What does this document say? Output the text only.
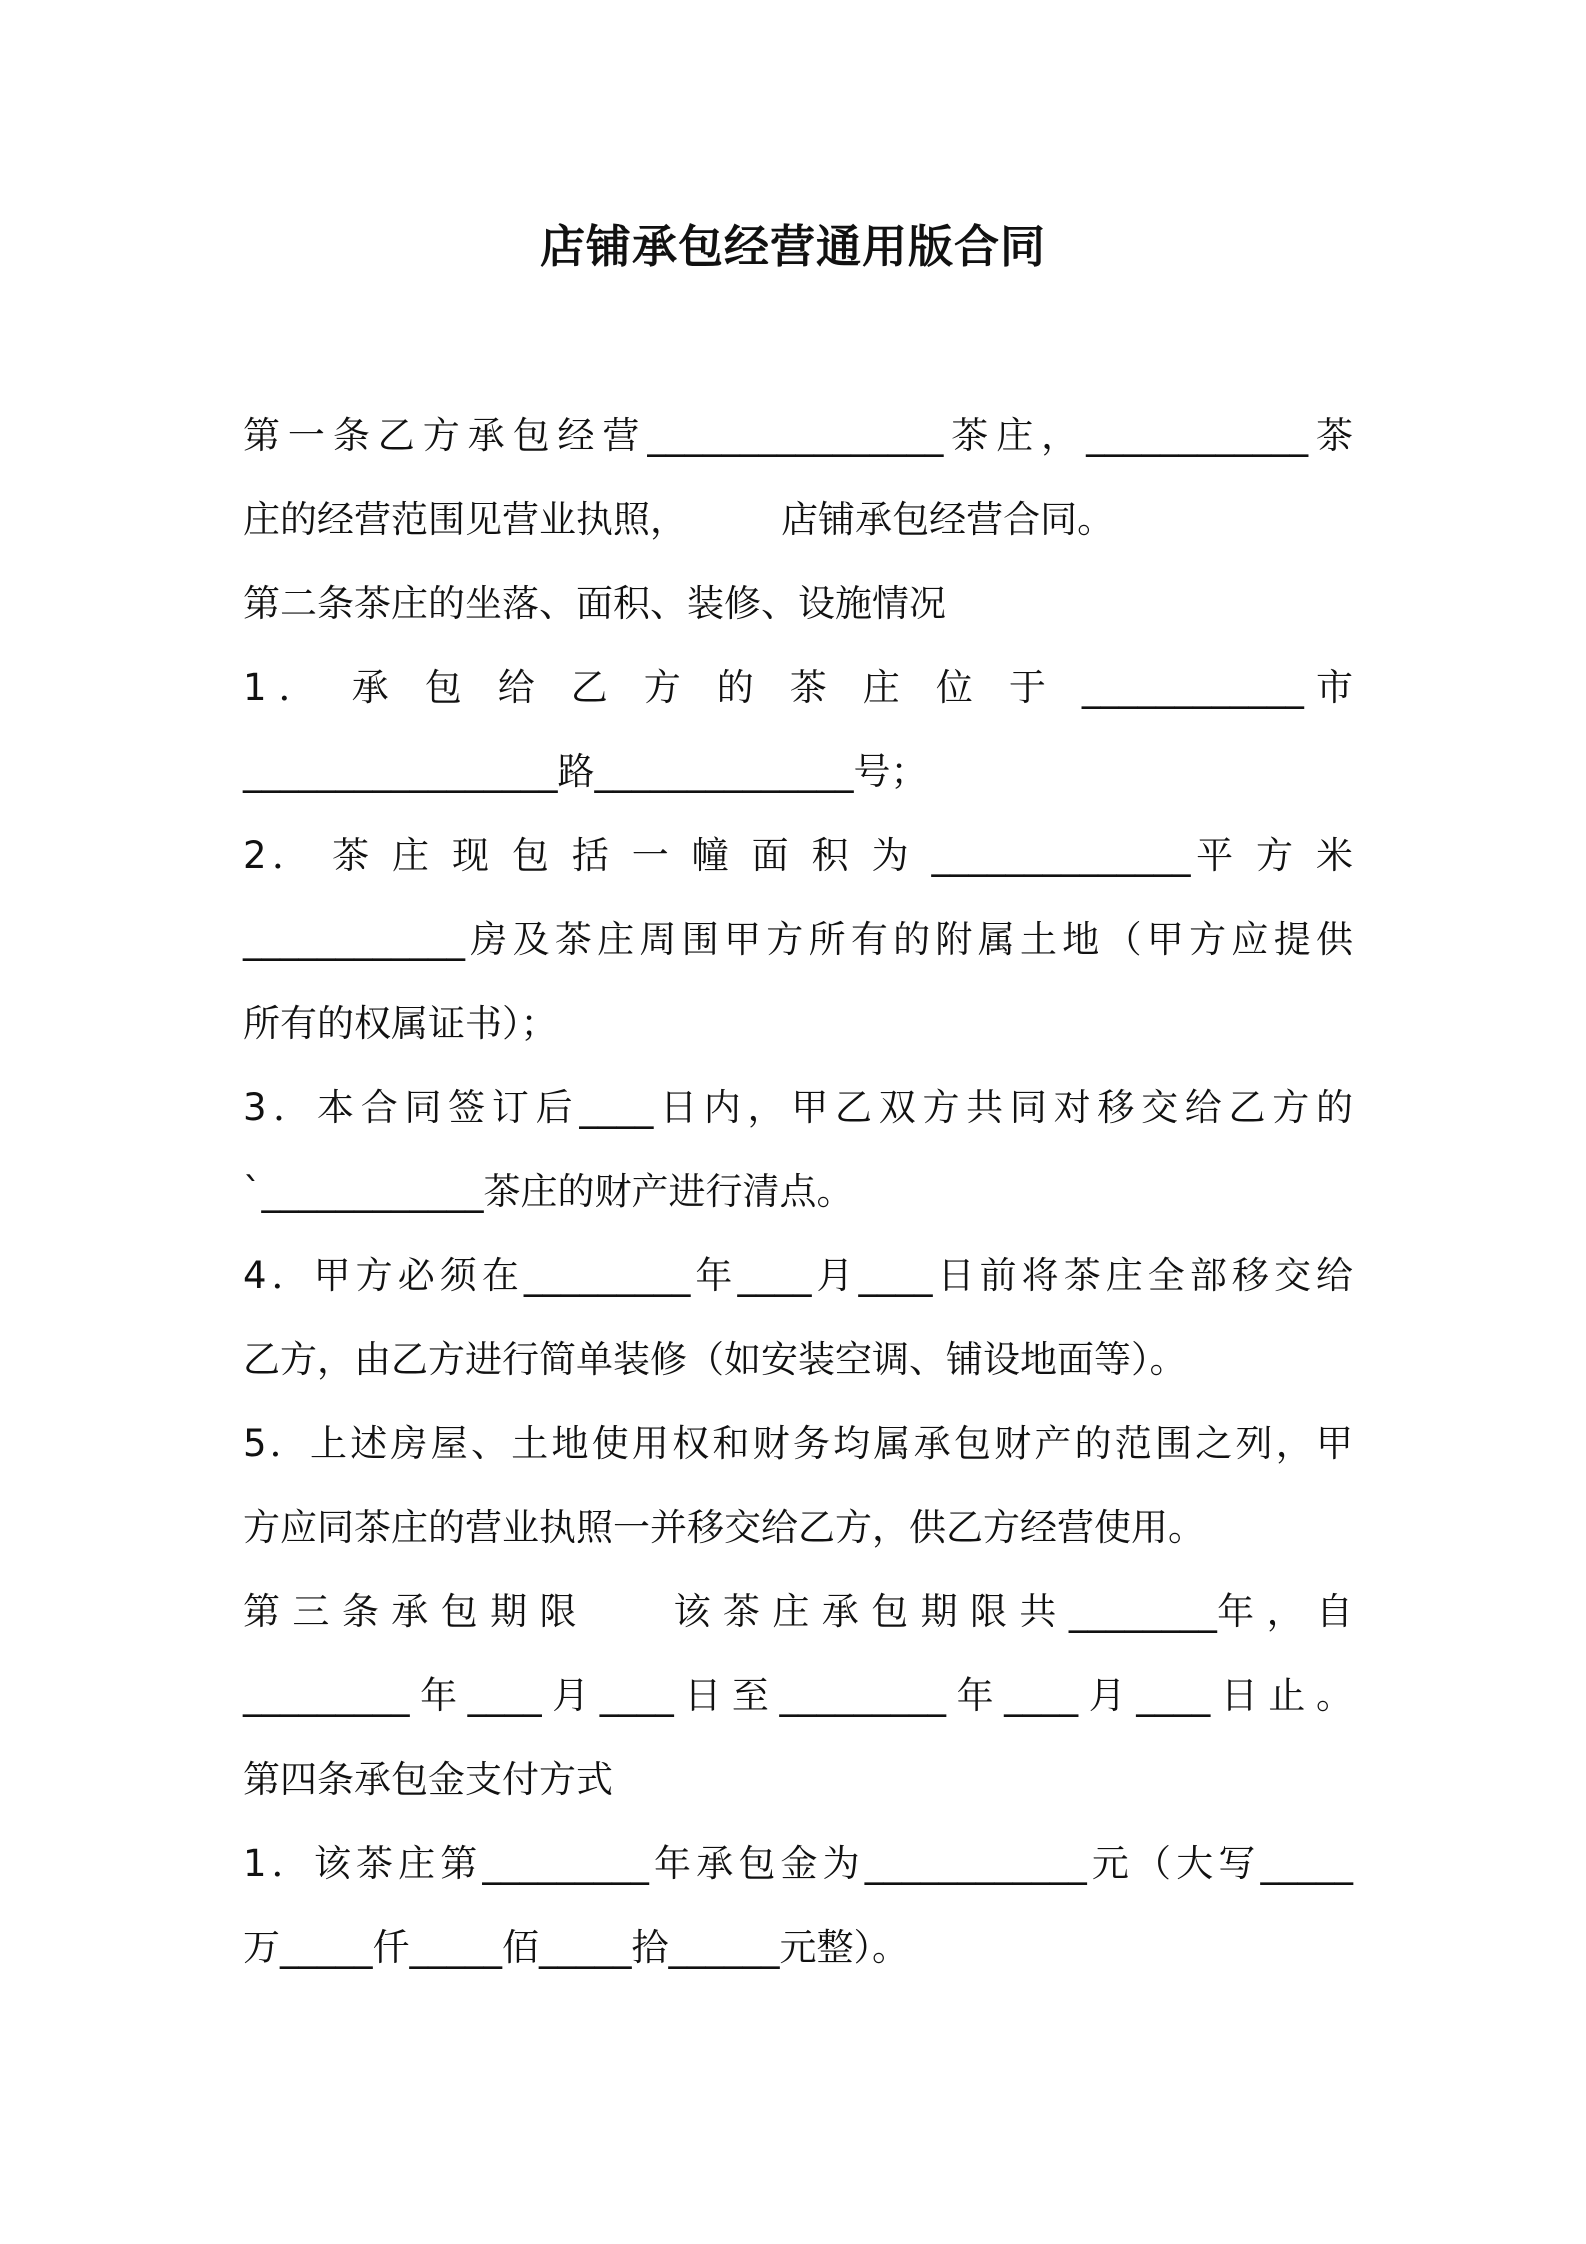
店铺承包经营通用版合同
第一条乙方承包经营________________茶庄，____________茶
庄的经营范围见营业执照，        店铺承包经营合同。
第二条茶庄的坐落、面积、装修、设施情况
1． 承 包 给 乙 方 的 茶 庄 位 于 ____________市
_________________路______________号；
2． 茶 庄 现 包 括 一 幢 面 积 为 ______________平 方 米
____________房及茶庄周围甲方所有的附属土地（甲方应提供
所有的权属证书）；
3．本合同签订后____日内，甲乙双方共同对移交给乙方的
`____________茶庄的财产进行清点。
4．甲方必须在_________年____月____日前将茶庄全部移交给
乙方，由乙方进行简单装修（如安装空调、铺设地面等）。
5．上述房屋、土地使用权和财务均属承包财产的范围之列，甲
方应同茶庄的营业执照一并移交给乙方，供乙方经营使用。
第 三 条 承 包 期 限        该 茶 庄 承 包 期 限 共 ________年 ， 自
_________年____月____日至_________年____月____日止。
第四条承包金支付方式
1．该茶庄第_________年承包金为____________元（大写_____
万_____仟_____佰_____拾______元整）。
